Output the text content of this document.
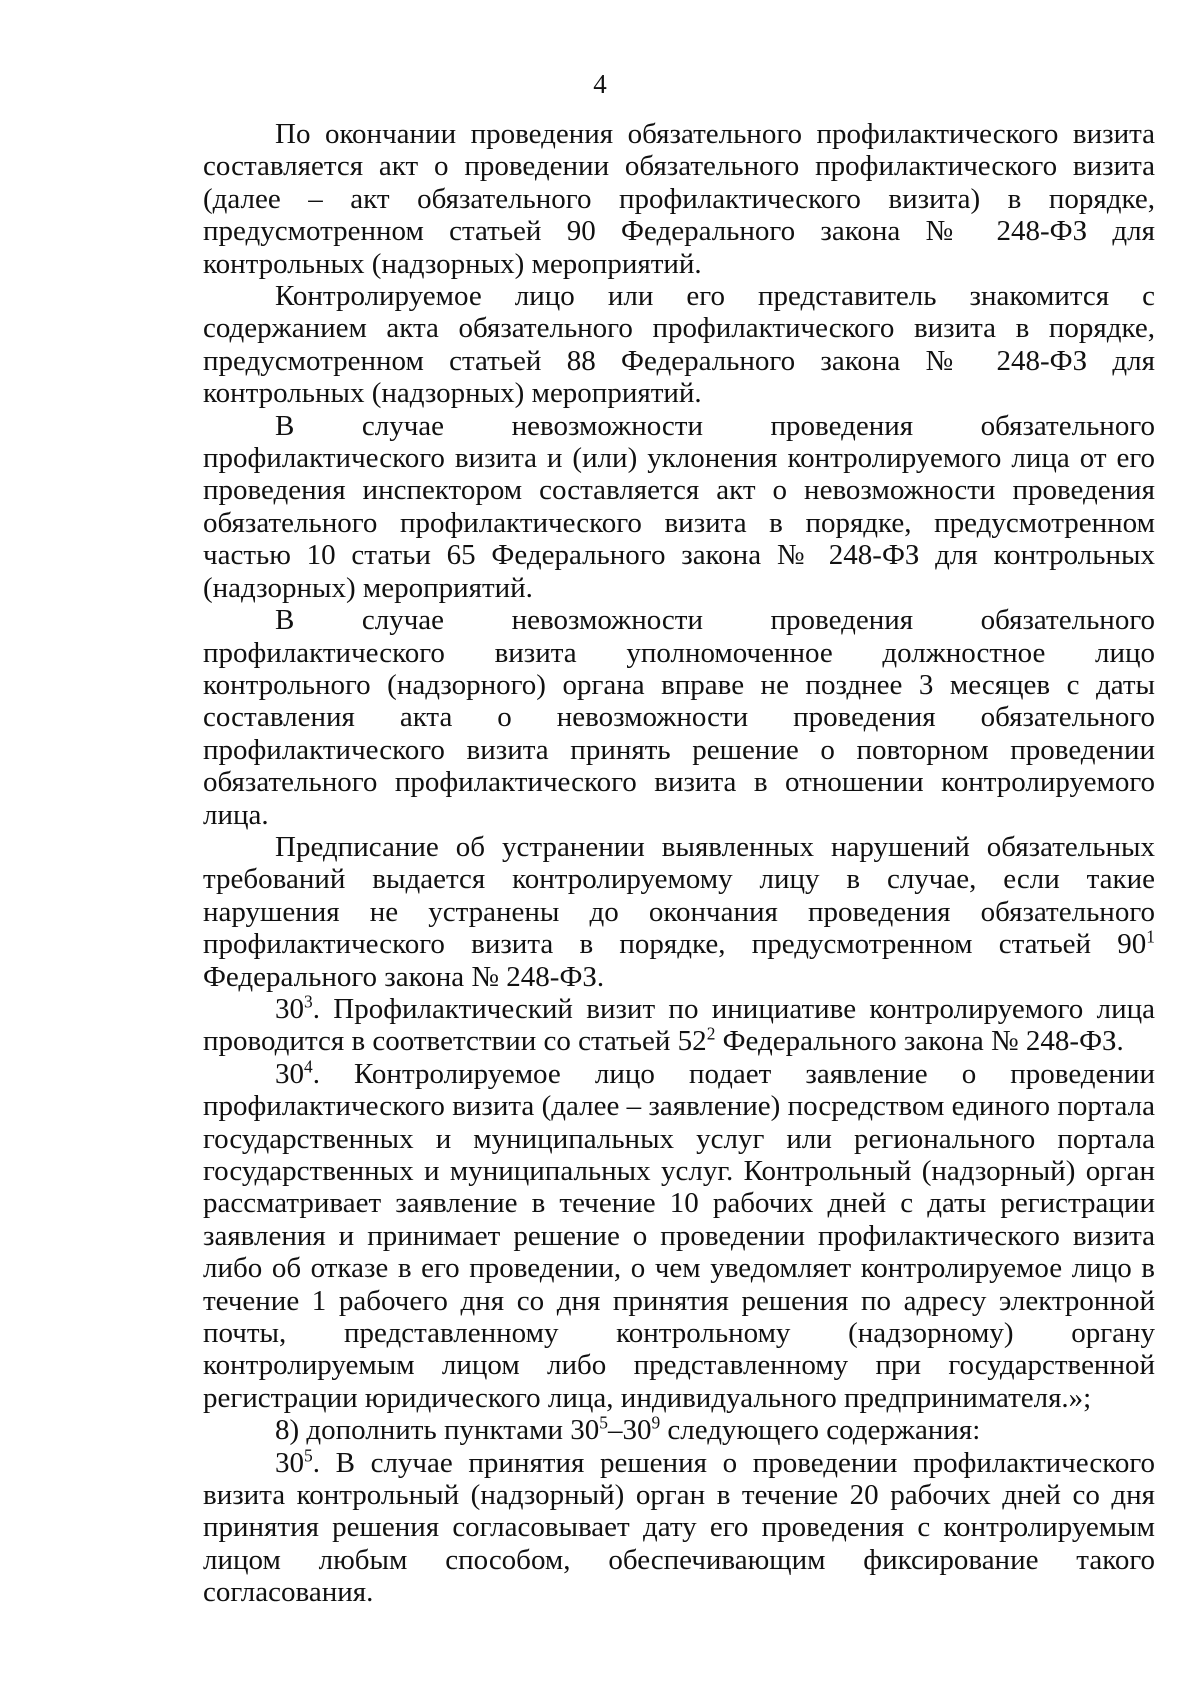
4

По окончании проведения обязательного профилактического визита составляется акт о проведении обязательного профилактического визита (далее – акт обязательного профилактического визита) в порядке, предусмотренном статьей 90 Федерального закона № 248-ФЗ для контрольных (надзорных) мероприятий.

Контролируемое лицо или его представитель знакомится с содержанием акта обязательного профилактического визита в порядке, предусмотренном статьей 88 Федерального закона № 248-ФЗ для контрольных (надзорных) мероприятий.

В случае невозможности проведения обязательного профилактического визита и (или) уклонения контролируемого лица от его проведения инспектором составляется акт о невозможности проведения обязательного профилактического визита в порядке, предусмотренном частью 10 статьи 65 Федерального закона № 248-ФЗ для контрольных (надзорных) мероприятий.

В случае невозможности проведения обязательного профилактического визита уполномоченное должностное лицо контрольного (надзорного) органа вправе не позднее 3 месяцев с даты составления акта о невозможности проведения обязательного профилактического визита принять решение о повторном проведении обязательного профилактического визита в отношении контролируемого лица.

Предписание об устранении выявленных нарушений обязательных требований выдается контролируемому лицу в случае, если такие нарушения не устранены до окончания проведения обязательного профилактического визита в порядке, предусмотренном статьей $90^1$ Федерального закона № 248-ФЗ.

$30^3$. Профилактический визит по инициативе контролируемого лица проводится в соответствии со статьей $52^2$ Федерального закона № 248-ФЗ.

$30^4$. Контролируемое лицо подает заявление о проведении профилактического визита (далее – заявление) посредством единого портала государственных и муниципальных услуг или регионального портала государственных и муниципальных услуг. Контрольный (надзорный) орган рассматривает заявление в течение 10 рабочих дней с даты регистрации заявления и принимает решение о проведении профилактического визита либо об отказе в его проведении, о чем уведомляет контролируемое лицо в течение 1 рабочего дня со дня принятия решения по адресу электронной почты, представленному контрольному (надзорному) органу контролируемым лицом либо представленному при государственной регистрации юридического лица, индивидуального предпринимателя.»;

8) дополнить пунктами $30^5-30^9$ следующего содержания:

$30^5$. В случае принятия решения о проведении профилактического визита контрольный (надзорный) орган в течение 20 рабочих дней со дня принятия решения согласовывает дату его проведения с контролируемым лицом любым способом, обеспечивающим фиксирование такого согласования.
